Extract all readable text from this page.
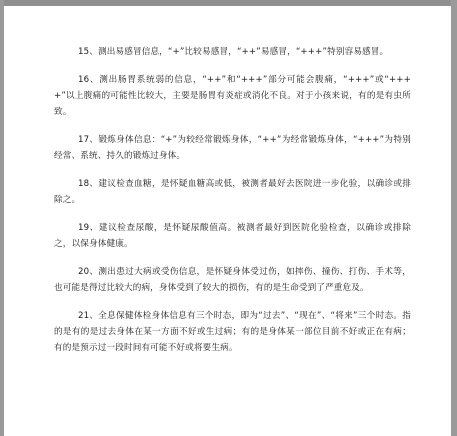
15、测出易感冒信息，“+”比较易感冒，“++”易感冒，“+++”特别容易感冒。

16、测出肠胃系统弱的信息，“++”和“+++”部分可能会腹痛，“+++”或“++++”以上腹痛的可能性比较大，主要是肠胃有炎症或消化不良。对于小孩来说，有的是有虫所致。

17、锻炼身体信息：“+”为较经常锻炼身体，“++”为经常锻炼身体，“+++”为特别经常、系统、持久的锻炼过身体。

18、建议检查血糖，是怀疑血糖高或低，被测者最好去医院进一步化验，以确诊或排除之。

19、建议检查尿酸，是怀疑尿酸值高。被测者最好到医院化验检查，以确诊或排除之，以保身体健康。

20、测出患过大病或受伤信息，是怀疑身体受过伤，如摔伤、撞伤、打伤、手术等，也可能是得过比较大的病，身体受到了较大的损伤，有的是生命受到了严重危及。

21、全息保健体检身体信息有三个时态，即为“过去”、“现在”、“将来”三个时态。指的是有的是过去身体在某一方面不好或生过病；有的是身体某一部位目前不好或正在有病；有的是预示过一段时间有可能不好或将要生病。
